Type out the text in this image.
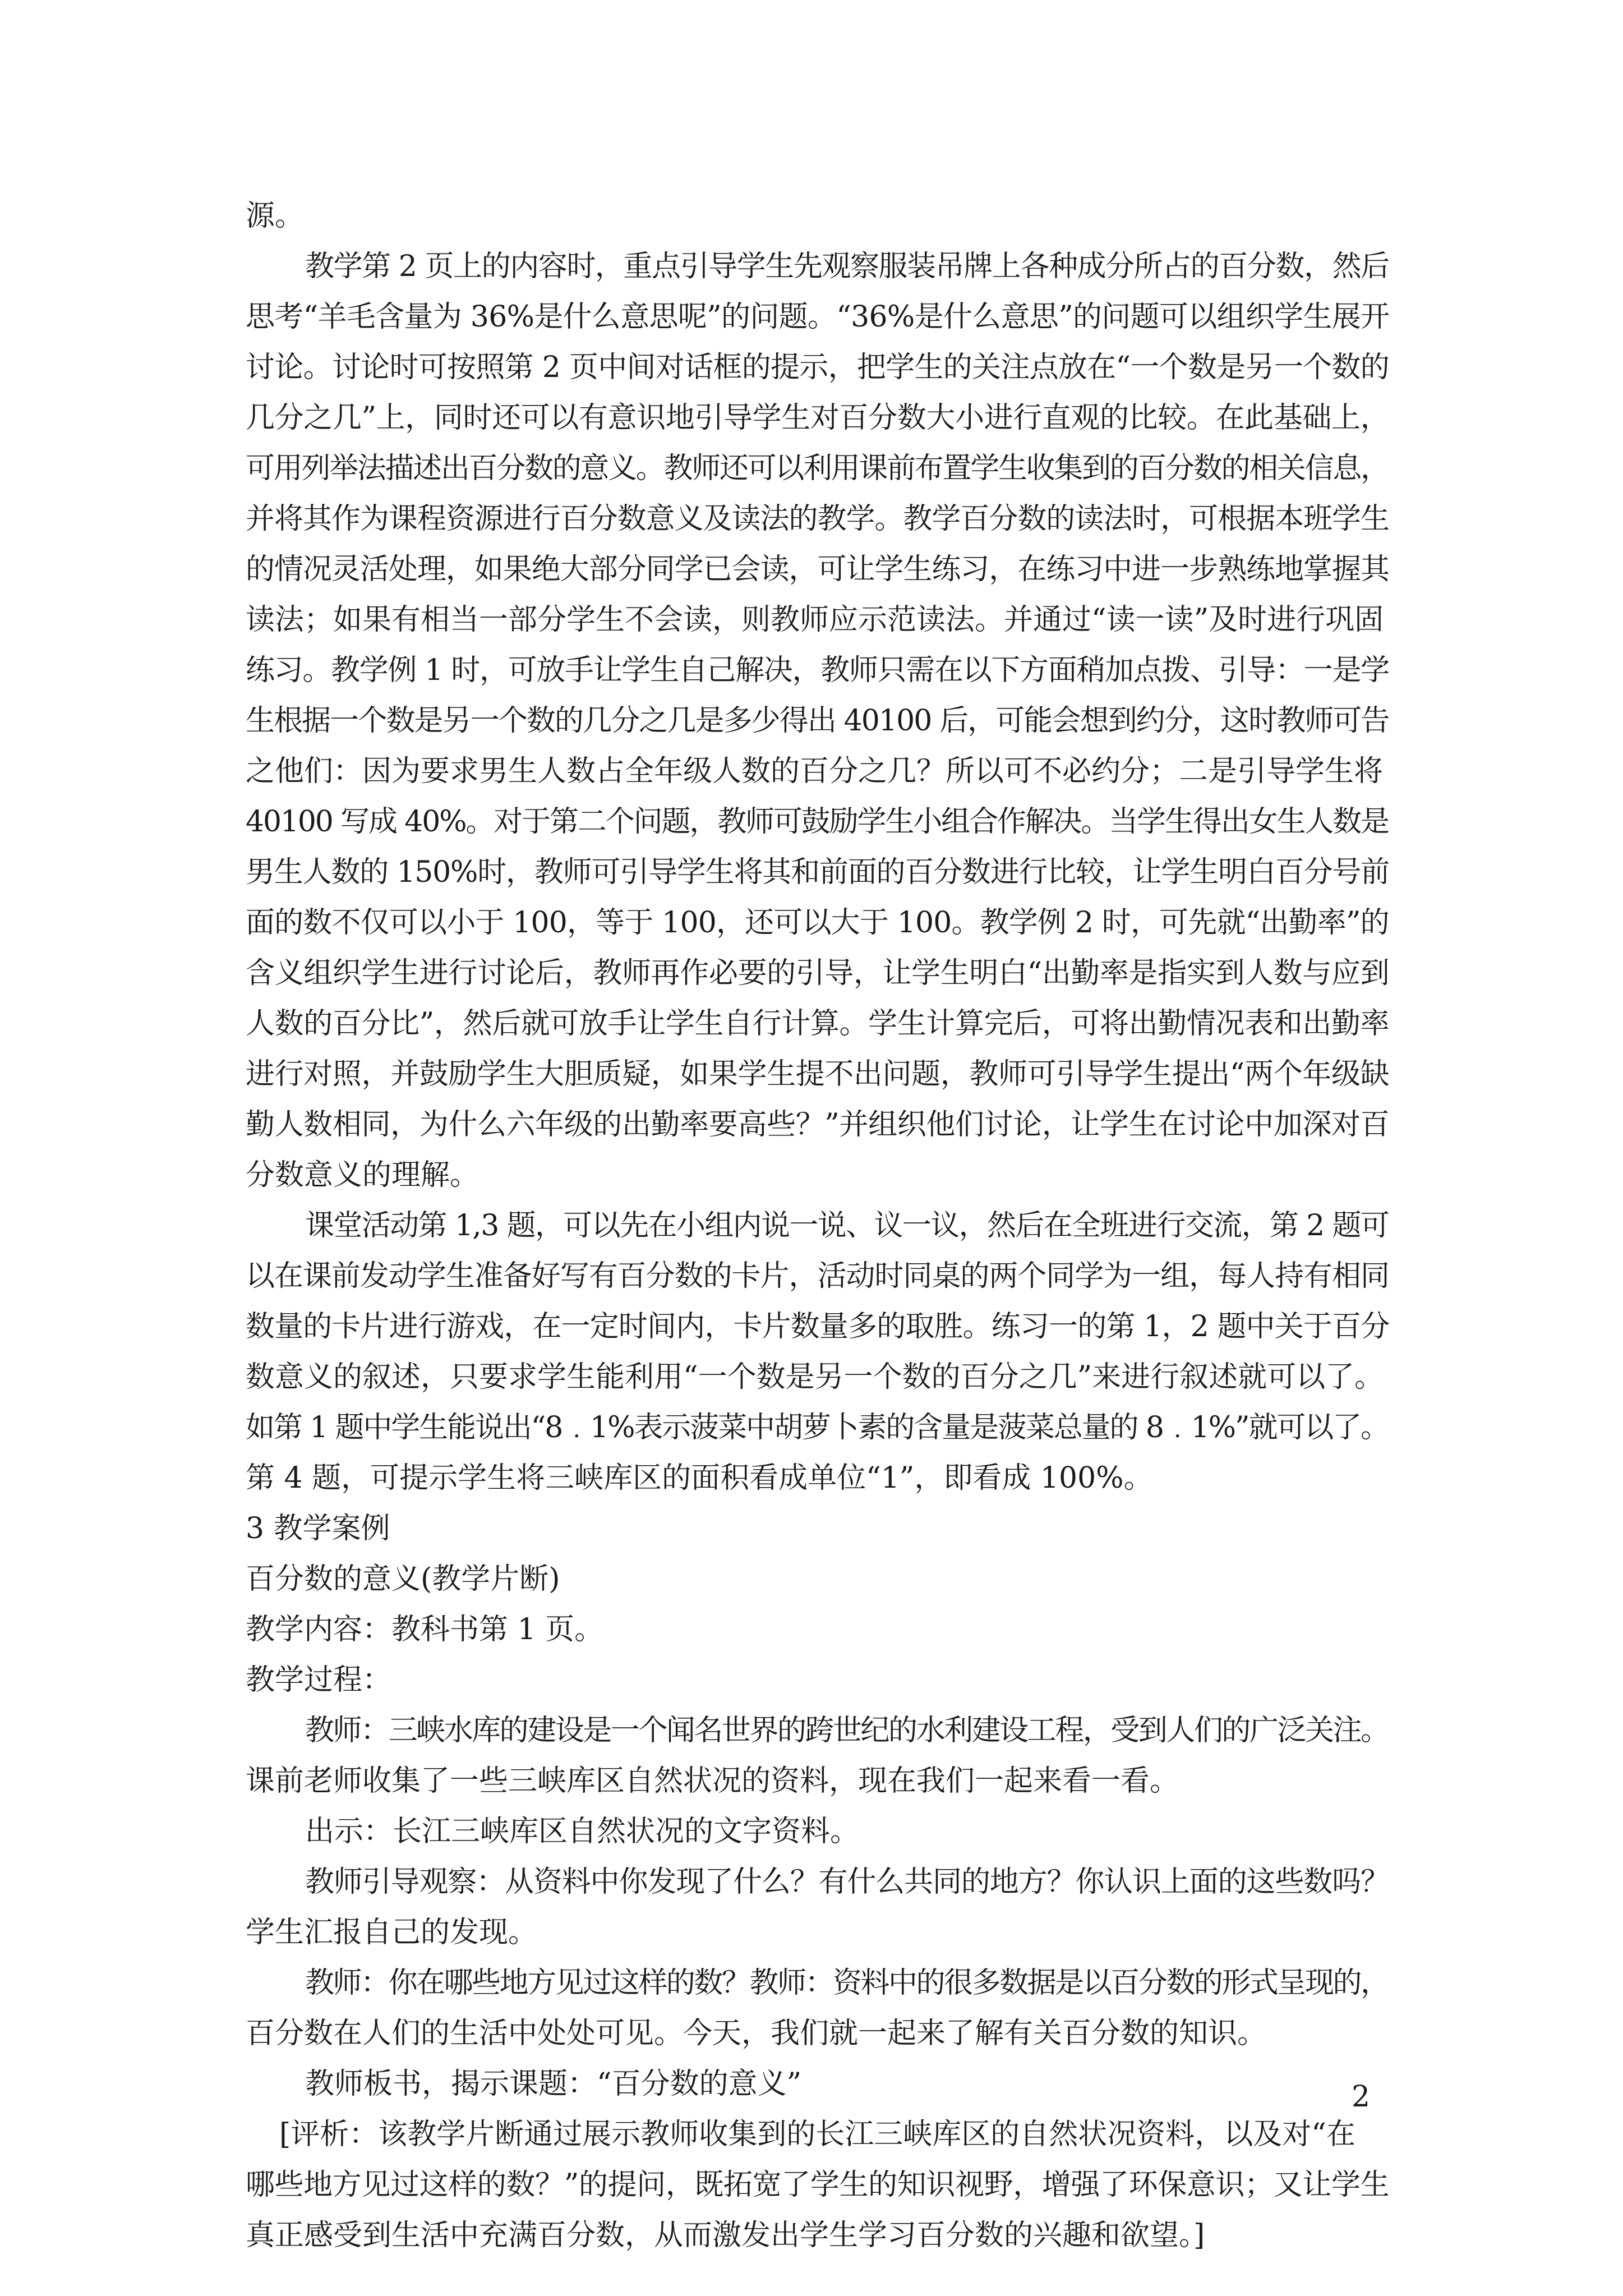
源。
教学第 2 页上的内容时，重点引导学生先观察服装吊牌上各种成分所占的百分数，然后
思考“羊毛含量为 36%是什么意思呢”的问题。“36%是什么意思”的问题可以组织学生展开
讨论。讨论时可按照第 2 页中间对话框的提示，把学生的关注点放在“一个数是另一个数的
几分之几”上，同时还可以有意识地引导学生对百分数大小进行直观的比较。在此基础上，
可用列举法描述出百分数的意义。教师还可以利用课前布置学生收集到的百分数的相关信息，
并将其作为课程资源进行百分数意义及读法的教学。教学百分数的读法时，可根据本班学生
的情况灵活处理，如果绝大部分同学已会读，可让学生练习，在练习中进一步熟练地掌握其
读法；如果有相当一部分学生不会读，则教师应示范读法。并通过“读一读”及时进行巩固
练习。教学例 1 时，可放手让学生自己解决，教师只需在以下方面稍加点拨、引导：一是学
生根据一个数是另一个数的几分之几是多少得出 40100 后，可能会想到约分，这时教师可告
之他们：因为要求男生人数占全年级人数的百分之几？所以可不必约分；二是引导学生将
40100 写成 40%。对于第二个问题，教师可鼓励学生小组合作解决。当学生得出女生人数是
男生人数的 150%时，教师可引导学生将其和前面的百分数进行比较，让学生明白百分号前
面的数不仅可以小于 100，等于 100，还可以大于 100。教学例 2 时，可先就“出勤率”的
含义组织学生进行讨论后，教师再作必要的引导，让学生明白“出勤率是指实到人数与应到
人数的百分比”，然后就可放手让学生自行计算。学生计算完后，可将出勤情况表和出勤率
进行对照，并鼓励学生大胆质疑，如果学生提不出问题，教师可引导学生提出“两个年级缺
勤人数相同，为什么六年级的出勤率要高些？”并组织他们讨论，让学生在讨论中加深对百
分数意义的理解。
课堂活动第 1,3 题，可以先在小组内说一说、议一议，然后在全班进行交流，第 2 题可
以在课前发动学生准备好写有百分数的卡片，活动时同桌的两个同学为一组，每人持有相同
数量的卡片进行游戏，在一定时间内，卡片数量多的取胜。练习一的第 1，2 题中关于百分
数意义的叙述，只要求学生能利用“一个数是另一个数的百分之几”来进行叙述就可以了。
如第 1 题中学生能说出“8﹒1%表示菠菜中胡萝卜素的含量是菠菜总量的 8﹒1%”就可以了。
第 4 题，可提示学生将三峡库区的面积看成单位“1”，即看成 100%。
3 教学案例
百分数的意义(教学片断)
教学内容：教科书第 1 页。
教学过程：
教师：三峡水库的建设是一个闻名世界的跨世纪的水利建设工程，受到人们的广泛关注。
课前老师收集了一些三峡库区自然状况的资料，现在我们一起来看一看。
出示：长江三峡库区自然状况的文字资料。
教师引导观察：从资料中你发现了什么？有什么共同的地方？你认识上面的这些数吗？
学生汇报自己的发现。
教师：你在哪些地方见过这样的数？教师：资料中的很多数据是以百分数的形式呈现的，
百分数在人们的生活中处处可见。今天，我们就一起来了解有关百分数的知识。
教师板书，揭示课题：“百分数的意义”
[评析：该教学片断通过展示教师收集到的长江三峡库区的自然状况资料，以及对“在
哪些地方见过这样的数？”的提问，既拓宽了学生的知识视野，增强了环保意识；又让学生
真正感受到生活中充满百分数，从而激发出学生学习百分数的兴趣和欲望。]
2
